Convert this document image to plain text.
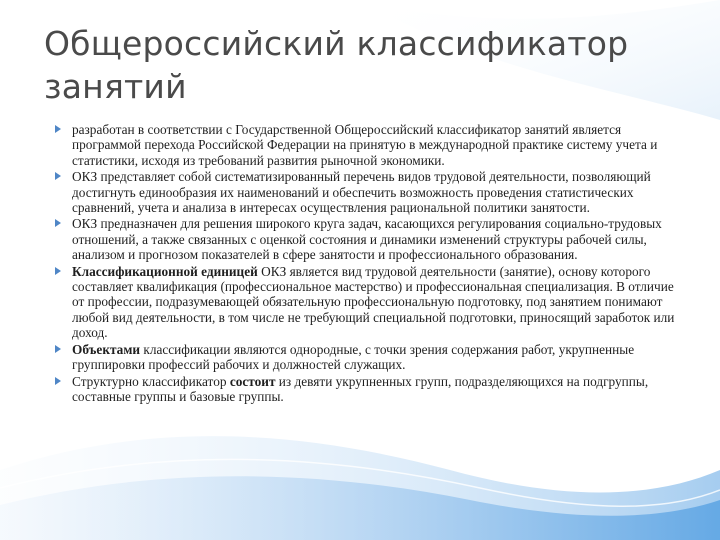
Общероссийский классификатор занятий
разработан в соответствии с Государственной Общероссийский классификатор занятий является программой перехода Российской Федерации на принятую в международной практике систему учета и статистики, исходя из требований развития рыночной экономики.
ОКЗ представляет собой систематизированный перечень видов трудовой деятельности, позволяющий достигнуть единообразия их наименований и обеспечить возможность проведения статистических сравнений, учета и анализа в интересах осуществления рациональной политики занятости.
ОКЗ предназначен для решения широкого круга задач, касающихся регулирования социально-трудовых отношений, а также связанных с оценкой состояния и динамики изменений структуры рабочей силы, анализом и прогнозом показателей в сфере занятости и профессионального образования.
Классификационной единицей ОКЗ является вид трудовой деятельности (занятие), основу которого составляет квалификация (профессиональное мастерство) и профессиональная специализация. В отличие от профессии, подразумевающей обязательную профессиональную подготовку, под занятием понимают любой вид деятельности, в том числе не требующий специальной подготовки, приносящий заработок или доход.
Объектами классификации являются однородные, с точки зрения содержания работ, укрупненные группировки профессий рабочих и должностей служащих.
Структурно классификатор состоит из девяти укрупненных групп, подразделяющихся на подгруппы, составные группы и базовые группы.
